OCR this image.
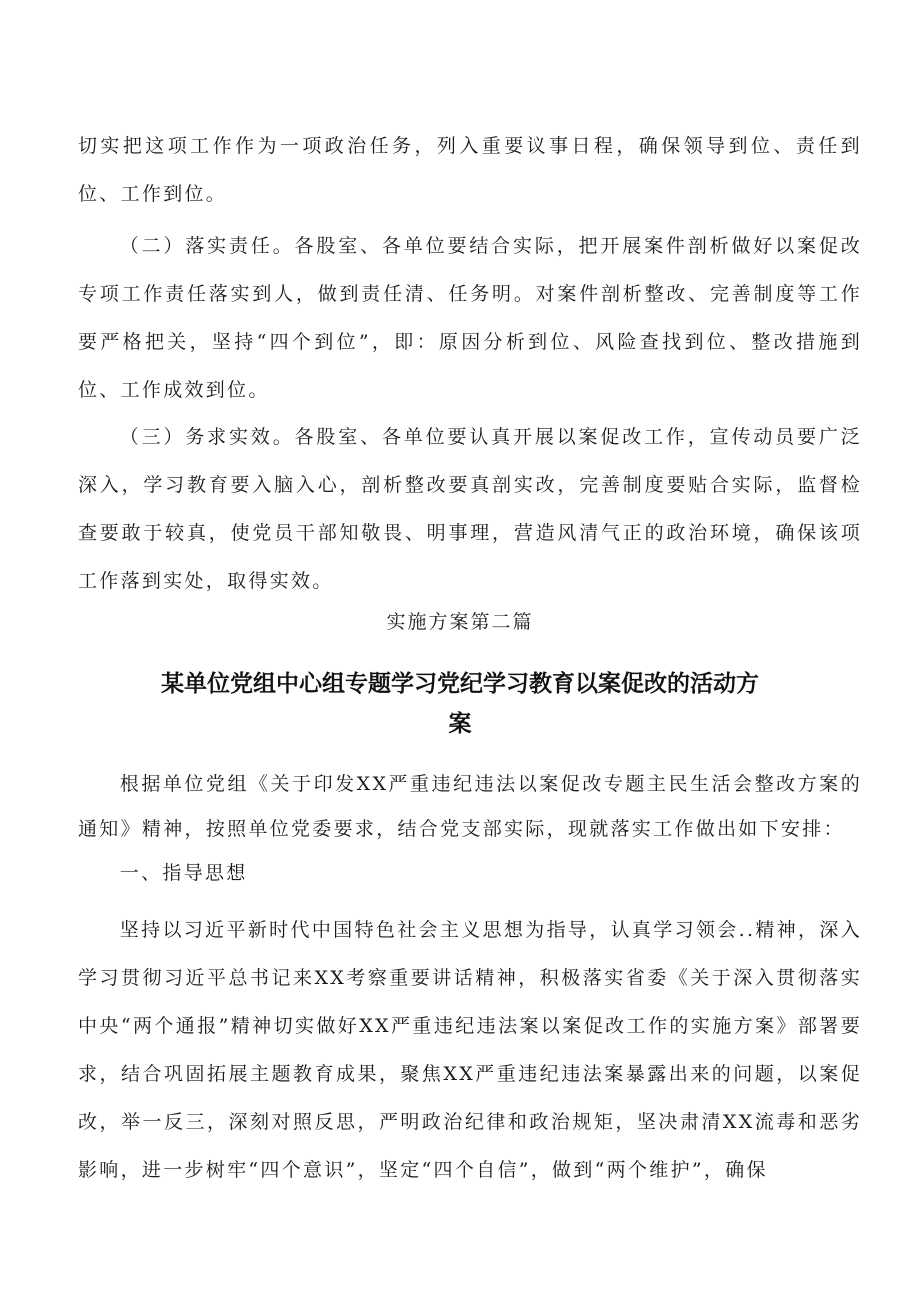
切实把这项工作作为一项政治任务，列入重要议事日程，确保领导到位、责任到位、工作到位。

（二）落实责任。各股室、各单位要结合实际，把开展案件剖析做好以案促改专项工作责任落实到人，做到责任清、任务明。对案件剖析整改、完善制度等工作要严格把关，坚持“四个到位”，即：原因分析到位、风险查找到位、整改措施到位、工作成效到位。

（三）务求实效。各股室、各单位要认真开展以案促改工作，宣传动员要广泛深入，学习教育要入脑入心，剖析整改要真剖实改，完善制度要贴合实际，监督检查要敢于较真，使党员干部知敬畏、明事理，营造风清气正的政治环境，确保该项工作落到实处，取得实效。

实施方案第二篇

某单位党组中心组专题学习党纪学习教育以案促改的活动方案

根据单位党组《关于印发XX严重违纪违法以案促改专题主民生活会整改方案的通知》精神，按照单位党委要求，结合党支部实际，现就落实工作做出如下安排：

一、指导思想

坚持以习近平新时代中国特色社会主义思想为指导，认真学习领会..精神，深入学习贯彻习近平总书记来XX考察重要讲话精神，积极落实省委《关于深入贯彻落实中央“两个通报”精神切实做好XX严重违纪违法案以案促改工作的实施方案》部署要求，结合巩固拓展主题教育成果，聚焦XX严重违纪违法案暴露出来的问题，以案促改，举一反三，深刻对照反思，严明政治纪律和政治规矩，坚决肃清XX流毒和恶劣影响，进一步树牢“四个意识”，坚定“四个自信”，做到“两个维护”，确保
